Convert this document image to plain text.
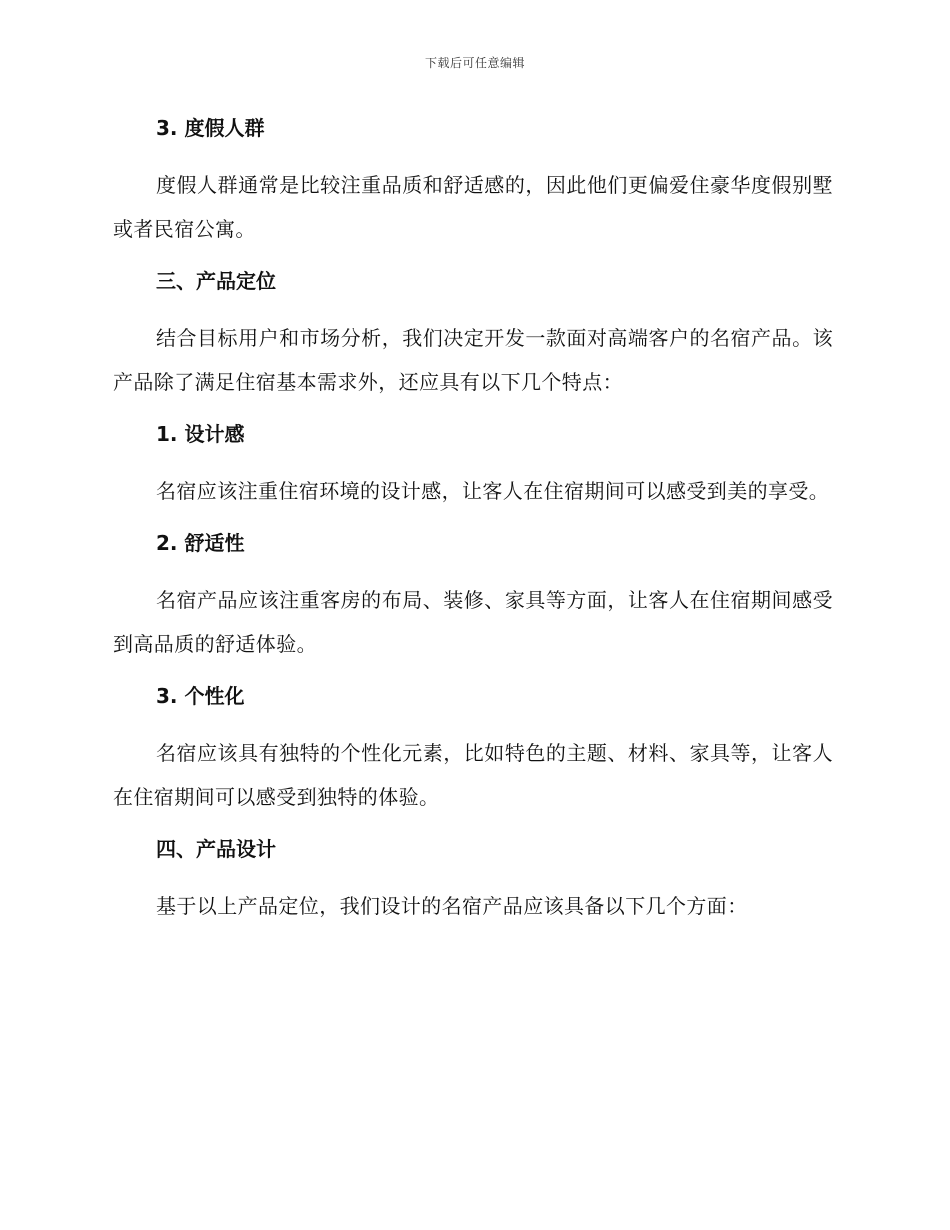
下载后可任意编辑

3. 度假人群

度假人群通常是比较注重品质和舒适感的，因此他们更偏爱住豪华度假别墅或者民宿公寓。

三、产品定位

结合目标用户和市场分析，我们决定开发一款面对高端客户的名宿产品。该产品除了满足住宿基本需求外，还应具有以下几个特点：

1. 设计感

名宿应该注重住宿环境的设计感，让客人在住宿期间可以感受到美的享受。

2. 舒适性

名宿产品应该注重客房的布局、装修、家具等方面，让客人在住宿期间感受到高品质的舒适体验。

3. 个性化

名宿应该具有独特的个性化元素，比如特色的主题、材料、家具等，让客人在住宿期间可以感受到独特的体验。

四、产品设计

基于以上产品定位，我们设计的名宿产品应该具备以下几个方面：
